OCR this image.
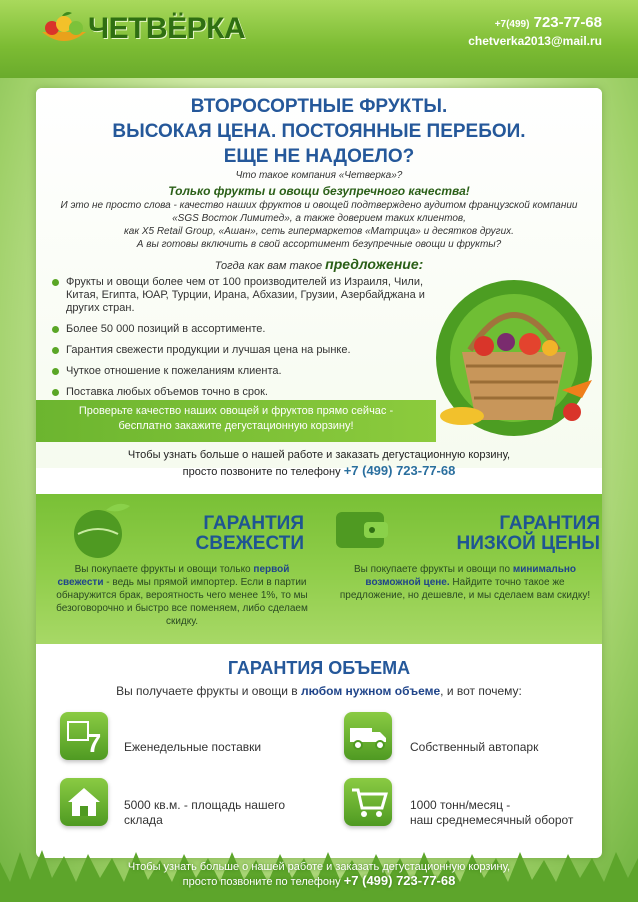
ЧЕТВЁРКА	+7(499) 723-77-68
chetverka2013@mail.ru
ВТОРОСОРТНЫЕ ФРУКТЫ.
ВЫСОКАЯ ЦЕНА. ПОСТОЯННЫЕ ПЕРЕБОИ.
ЕЩЕ НЕ НАДОЕЛО?
Что такое компания «Четверка»?
Только фрукты и овощи безупречного качества!
И это не просто слова - качество наших фруктов и овощей подтверждено аудитом французской компании
«SGS Восток Лимитед», а также доверием таких клиентов,
как X5 Retail Group, «Ашан», сеть гипермаркетов «Матрица» и десятков других.
А вы готовы включить в свой ассортимент безупречные овощи и фрукты?
Тогда как вам такое предложение:
Фрукты и овощи более чем от 100 производителей из Израиля, Чили, Китая, Египта, ЮАР, Турции, Ирана, Абхазии, Грузии, Азербайджана и других стран.
Более 50 000 позиций в ассортименте.
Гарантия свежести продукции и лучшая цена на рынке.
Чуткое отношение к пожеланиям клиента.
Поставка любых объемов точно в срок.
Проверьте качество наших овощей и фруктов прямо сейчас -
бесплатно закажите дегустационную корзину!
Чтобы узнать больше о нашей работе и заказать дегустационную корзину,
просто позвоните по телефону +7 (499) 723-77-68
ГАРАНТИЯ
СВЕЖЕСТИ
ГАРАНТИЯ
НИЗКОЙ ЦЕНЫ
Вы покупаете фрукты и овощи только первой свежести - ведь мы прямой импортер. Если в партии обнаружится брак, вероятность чего менее 1%, то мы безоговорочно и быстро все поменяем, либо сделаем скидку.
Вы покупаете фрукты и овощи по минимально возможной цене. Найдите точно такое же предложение, но дешевле, и мы сделаем вам скидку!
ГАРАНТИЯ ОБЪЕМА
Вы получаете фрукты и овощи в любом нужном объеме, и вот почему:
7 Еженедельные поставки	Собственный автопарк
5000 кв.м. - площадь нашего
склада
1000 тонн/месяц -
наш среднемесячный оборот
Чтобы узнать больше о нашей работе и заказать дегустационную корзину,
просто позвоните по телефону +7 (499) 723-77-68
